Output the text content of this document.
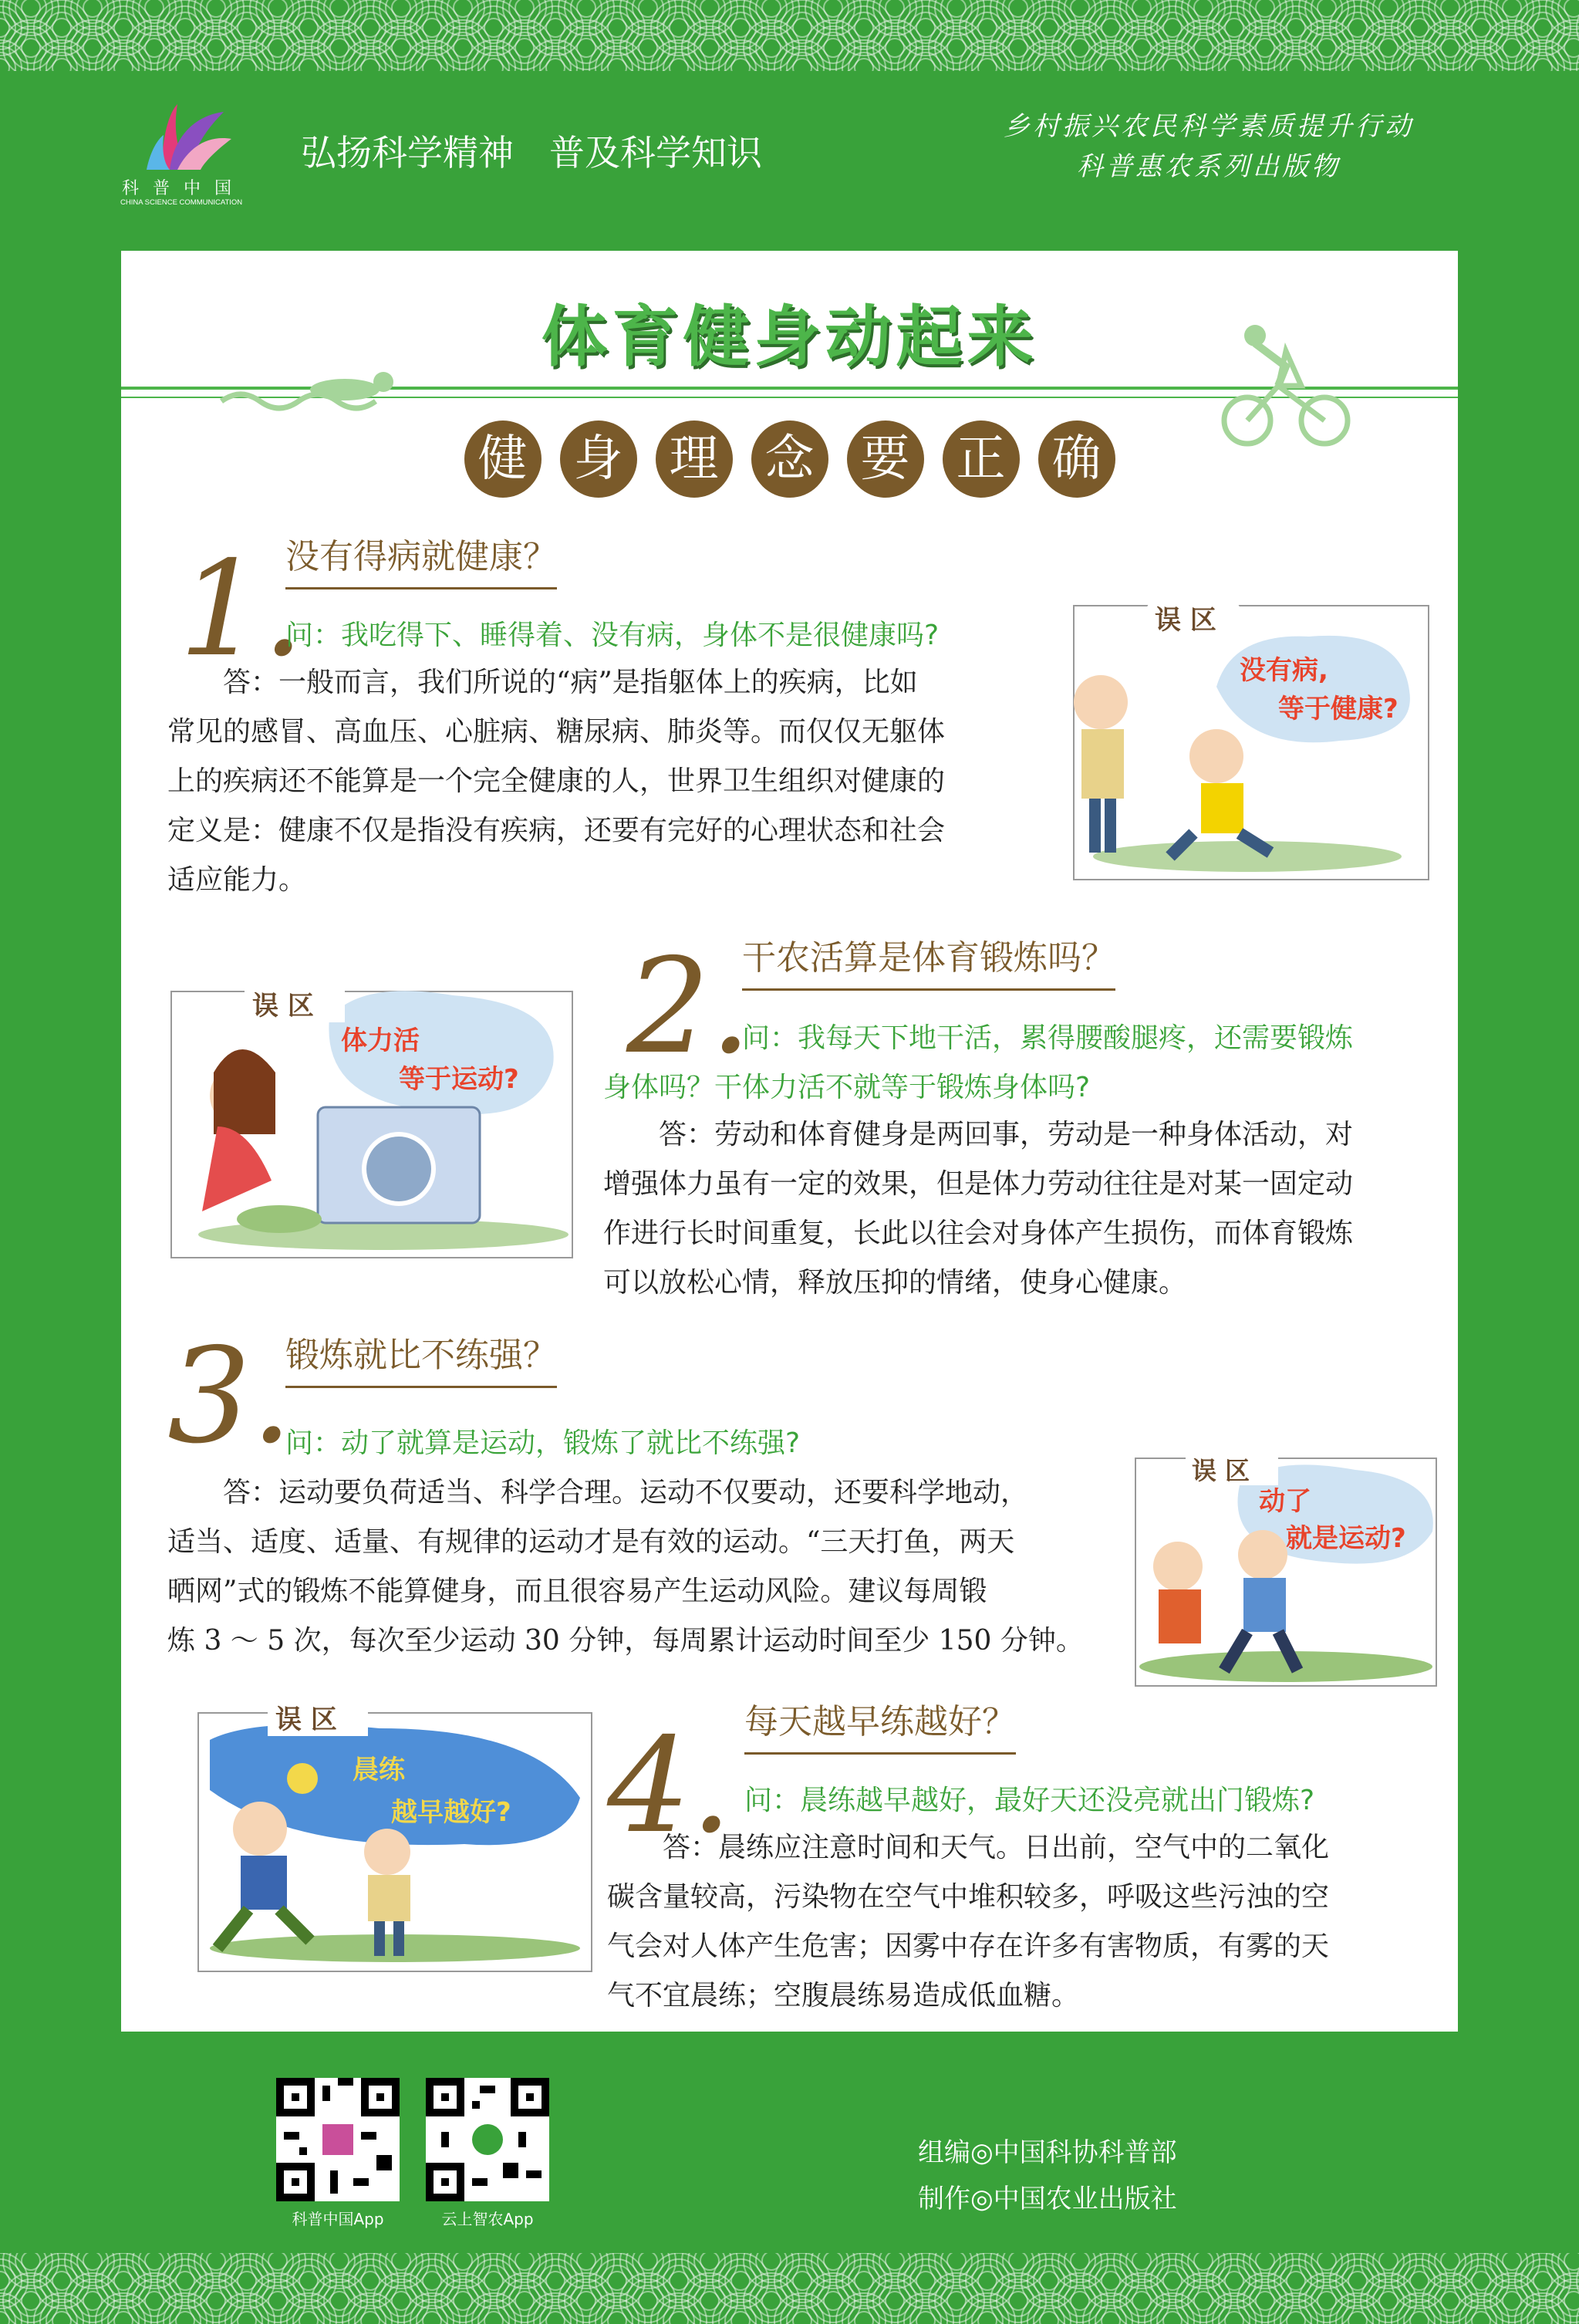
科普中国
CHINA SCIENCE COMMUNICATION
弘扬科学精神　普及科学知识
乡村振兴农民科学素质提升行动
科普惠农系列出版物
体育健身动起来
健 身 理 念 要 正 确
1.
没有得病就健康？
问：我吃得下、睡得着、没有病，身体不是很健康吗?

答：一般而言，我们所说的“病”是指躯体上的疾病，比如

常见的感冒、高血压、心脏病、糖尿病、肺炎等。而仅仅无躯体

上的疾病还不能算是一个完全健康的人，世界卫生组织对健康的

定义是：健康不仅是指没有疾病，还要有完好的心理状态和社会

适应能力。

误 区
没有病,
等于健康?
误 区
体力活
等于运动? 2.
干农活算是体育锻炼吗？
问：我每天下地干活，累得腰酸腿疼，还需要锻炼
身体吗？干体力活不就等于锻炼身体吗?

答：劳动和体育健身是两回事，劳动是一种身体活动，对

增强体力虽有一定的效果，但是体力劳动往往是对某一固定动

作进行长时间重复，长此以往会对身体产生损伤，而体育锻炼

可以放松心情，释放压抑的情绪，使身心健康。

3.
锻炼就比不练强？
问：动了就算是运动，锻炼了就比不练强?

答：运动要负荷适当、科学合理。运动不仅要动，还要科学地动，

适当、适度、适量、有规律的运动才是有效的运动。“三天打鱼，两天

晒网”式的锻炼不能算健身，而且很容易产生运动风险。建议每周锻

炼 3 ～ 5 次，每次至少运动 30 分钟，每周累计运动时间至少 150 分钟。

误 区
动了
就是运动?
误 区
晨练
越早越好? 4. 每天越早练越好？
问：晨练越早越好，最好天还没亮就出门锻炼?

答：晨练应注意时间和天气。日出前，空气中的二氧化

碳含量较高，污染物在空气中堆积较多，呼吸这些污浊的空

气会对人体产生危害；因雾中存在许多有害物质，有雾的天

气不宜晨练；空腹晨练易造成低血糖。

科普中国App	云上智农App
组编◎中国科协科普部
制作◎中国农业出版社
